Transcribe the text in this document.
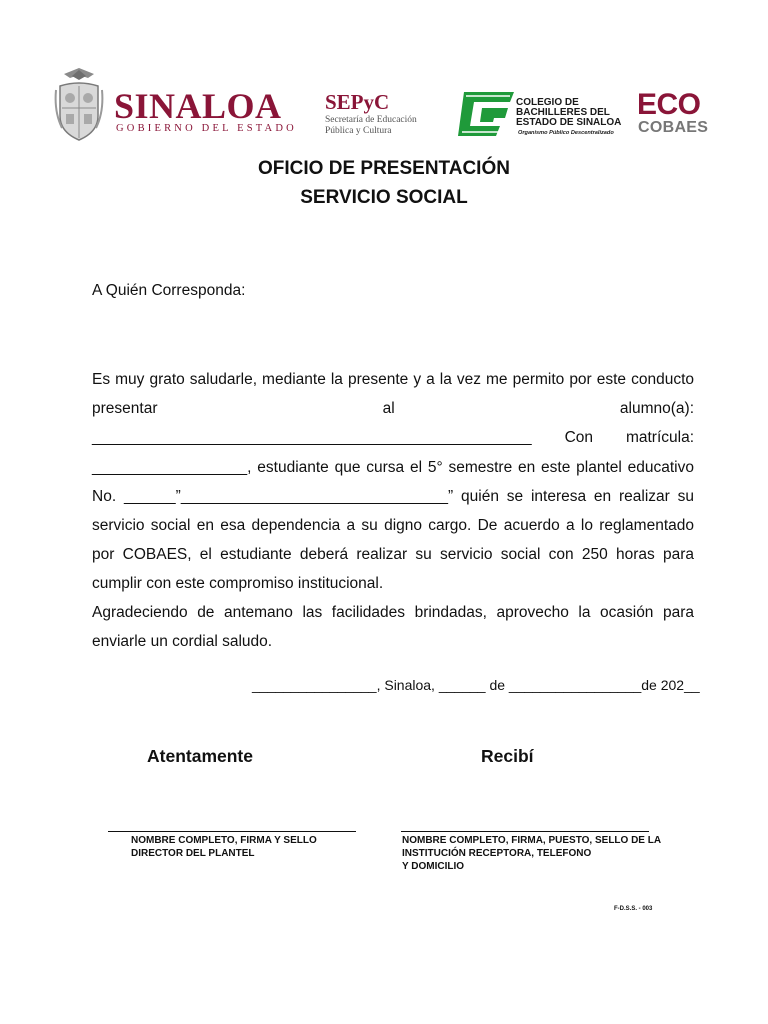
SINALOA
GOBIERNO DEL ESTADO
SEPyC
Secretaría de Educación
Pública y Cultura
COLEGIO DE
BACHILLERES DEL
ESTADO DE SINALOA
Organismo Público Descentralizado
ECO
COBAES
OFICIO DE PRESENTACIÓN
SERVICIO SOCIAL
A Quién Corresponda:
Es muy grato saludarle, mediante la presente y a la vez me permito por este conducto presentar al alumno(a): ___________________________________________________ Con matrícula: __________________, estudiante que cursa el 5° semestre en este plantel educativo No. ______”_______________________________” quién se interesa en realizar su servicio social en esa dependencia a su digno cargo. De acuerdo a lo reglamentado por COBAES, el estudiante deberá realizar su servicio social con 250 horas para cumplir con este compromiso institucional.
Agradeciendo de antemano las facilidades brindadas, aprovecho la ocasión para enviarle un cordial saludo.
________________, Sinaloa, ______ de _________________de 202__
Atentamente	Recibí
NOMBRE COMPLETO, FIRMA Y SELLO
DIRECTOR DEL PLANTEL
NOMBRE COMPLETO, FIRMA, PUESTO, SELLO DE LA
INSTITUCIÓN RECEPTORA, TELEFONO
Y DOMICILIO
F-D.S.S. - 003
